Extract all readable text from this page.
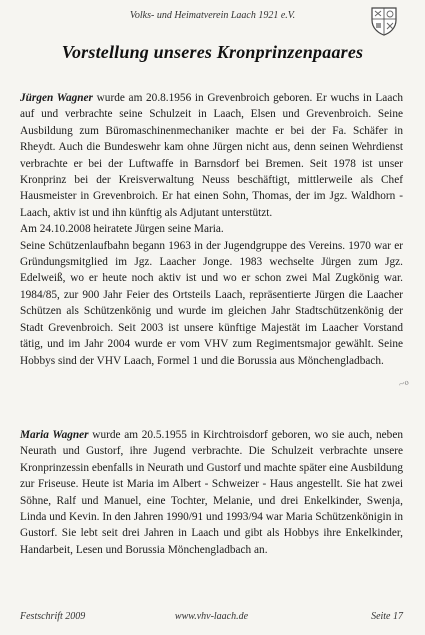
Volks- und Heimatverein Laach 1921 e.V.
Vorstellung unseres Kronprinzenpaares

Jürgen Wagner wurde am 20.8.1956 in Grevenbroich geboren. Er wuchs in Laach auf und verbrachte seine Schulzeit in Laach, Elsen und Grevenbroich. Seine Ausbildung zum Büromaschinenmechaniker machte er bei der Fa. Schäfer in Rheydt. Auch die Bundeswehr kam ohne Jürgen nicht aus, denn seinen Wehrdienst verbrachte er bei der Luftwaffe in Barnsdorf bei Bremen. Seit 1978 ist unser Kronprinz bei der Kreisverwaltung Neuss beschäftigt, mittlerweile als Chef Hausmeister in Grevenbroich. Er hat einen Sohn, Thomas, der im Jgz. Waldhorn - Laach, aktiv ist und ihn künftig als Adjutant unterstützt.
Am 24.10.2008 heiratete Jürgen seine Maria.
Seine Schützenlaufbahn begann 1963 in der Jugendgruppe des Vereins. 1970 war er Gründungsmitglied im Jgz. Laacher Jonge. 1983 wechselte Jürgen zum Jgz. Edelweiß, wo er heute noch aktiv ist und wo er schon zwei Mal Zugkönig war. 1984/85, zur 900 Jahr Feier des Ortsteils Laach, repräsentierte Jürgen die Laacher Schützen als Schützenkönig und wurde im gleichen Jahr Stadtschützenkönig der Stadt Grevenbroich. Seit 2003 ist unsere künftige Majestät im Laacher Vorstand tätig, und im Jahr 2004 wurde er vom VHV zum Regimentsmajor gewählt. Seine Hobbys sind der VHV Laach, Formel 1 und die Borussia aus Mönchengladbach.

~ℴ

Maria Wagner wurde am 20.5.1955 in Kirchtroisdorf geboren, wo sie auch, neben Neurath und Gustorf, ihre Jugend verbrachte. Die Schulzeit verbrachte unsere Kronprinzessin ebenfalls in Neurath und Gustorf und machte später eine Ausbildung zur Friseuse. Heute ist Maria im Albert - Schweizer - Haus angestellt. Sie hat zwei Söhne, Ralf und Manuel, eine Tochter, Melanie, und drei Enkelkinder, Swenja, Linda und Kevin. In den Jahren 1990/91 und 1993/94 war Maria Schützenkönigin in Gustorf. Sie lebt seit drei Jahren in Laach und gibt als Hobbys ihre Enkelkinder, Handarbeit, Lesen und Borussia Mönchengladbach an.

Festschrift 2009	www.vhv-laach.de	Seite 17
